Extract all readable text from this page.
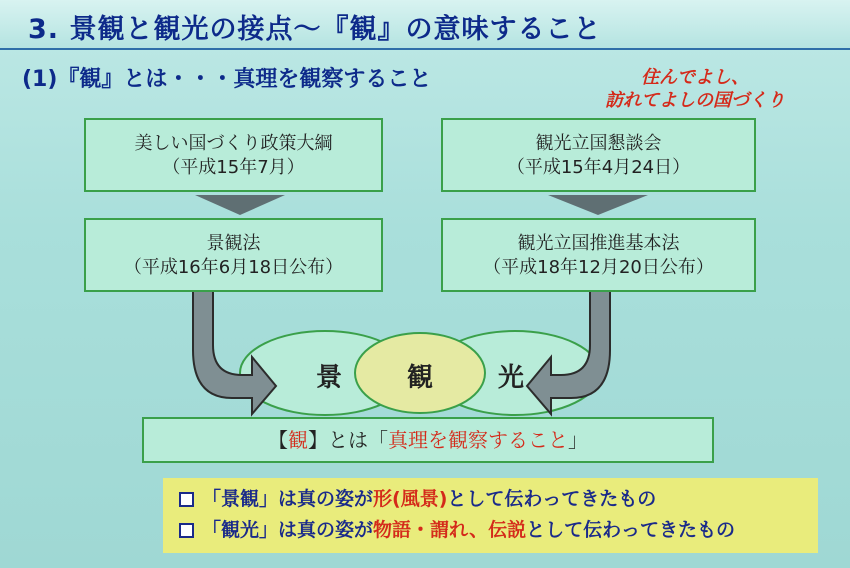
3. 景観と観光の接点～『観』の意味すること
(1)『観』とは・・・真理を観察すること	住んでよし、
訪れてよしの国づくり
美しい国づくり政策大綱
（平成15年7月）
観光立国懇談会
（平成15年4月24日）
景観法
（平成16年6月18日公布）
観光立国推進基本法
（平成18年12月20日公布）
景 観 光
【観】とは「真理を観察すること」
「景観」は真の姿が形(風景)として伝わってきたもの
「観光」は真の姿が物語・謂れ、伝説として伝わってきたもの
